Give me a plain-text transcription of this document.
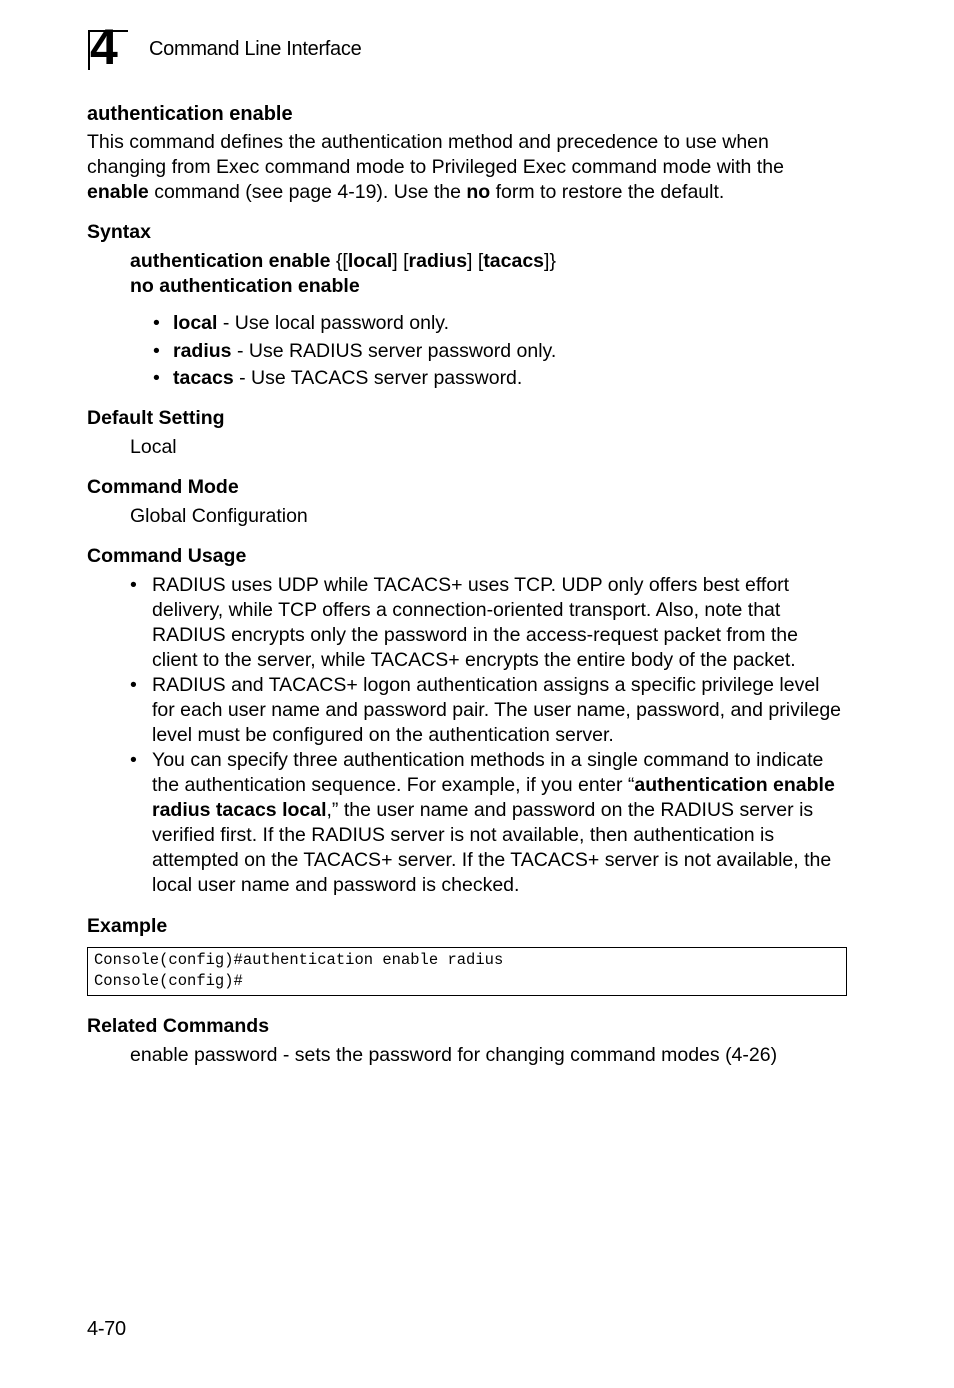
4 Command Line Interface
authentication enable

This command defines the authentication method and precedence to use when changing from Exec command mode to Privileged Exec command mode with the enable command (see page 4-19). Use the no form to restore the default.

Syntax
authentication enable {[local] [radius] [tacacs]}
no authentication enable
• local - Use local password only.
• radius - Use RADIUS server password only.
• tacacs - Use TACACS server password.
Default Setting
Local
Command Mode
Global Configuration
Command Usage
• RADIUS uses UDP while TACACS+ uses TCP. UDP only offers best effort delivery, while TCP offers a connection-oriented transport. Also, note that RADIUS encrypts only the password in the access-request packet from the client to the server, while TACACS+ encrypts the entire body of the packet.
• RADIUS and TACACS+ logon authentication assigns a specific privilege level for each user name and password pair. The user name, password, and privilege level must be configured on the authentication server.
• You can specify three authentication methods in a single command to indicate the authentication sequence. For example, if you enter “authentication enable radius tacacs local,” the user name and password on the RADIUS server is verified first. If the RADIUS server is not available, then authentication is attempted on the TACACS+ server. If the TACACS+ server is not available, the local user name and password is checked.
Example
Console(config)#authentication enable radius
Console(config)#
Related Commands
enable password - sets the password for changing command modes (4-26)
4-70
